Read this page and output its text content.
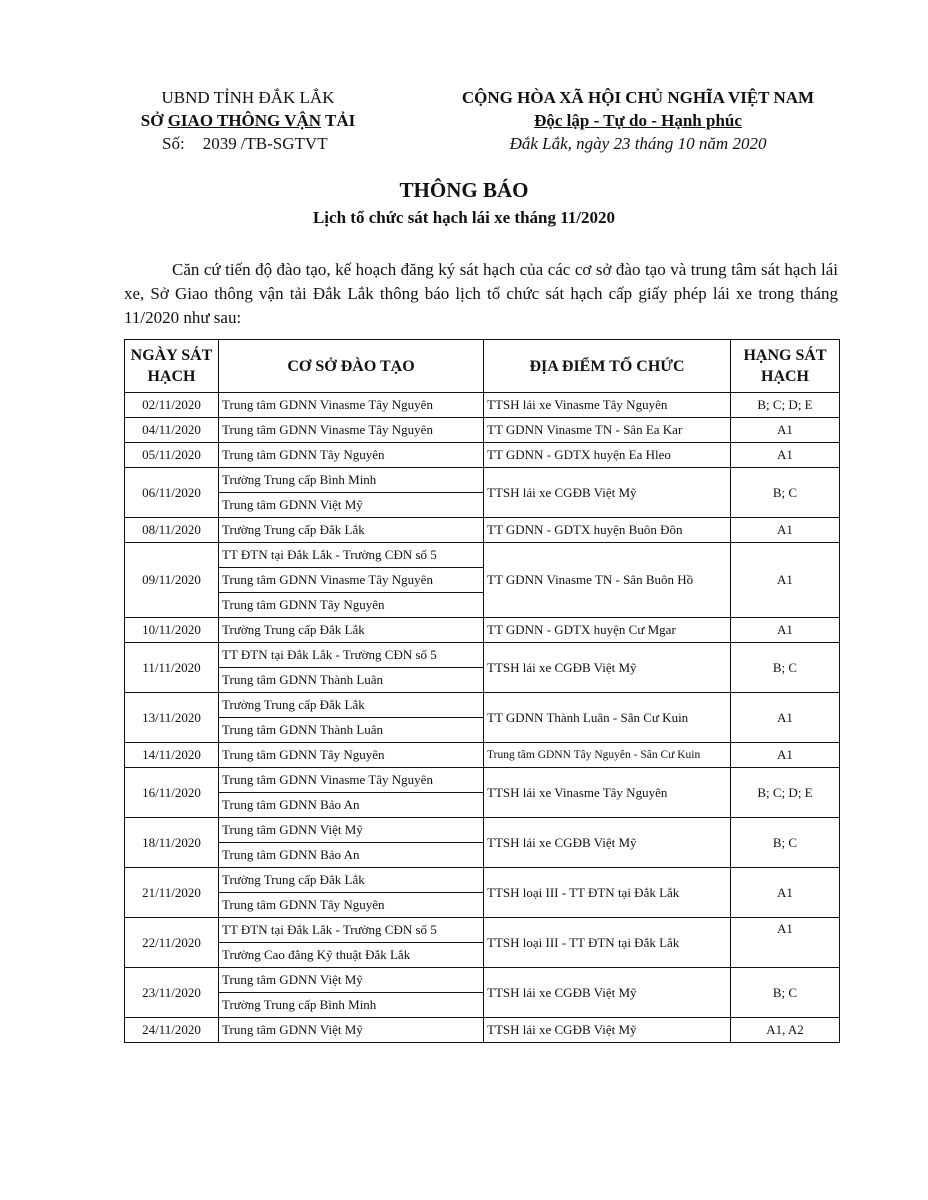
UBND TỈNH ĐẮK LẮK
SỞ GIAO THÔNG VẬN TẢI
Số: 2039 /TB-SGTVT
CỘNG HÒA XÃ HỘI CHỦ NGHĨA VIỆT NAM
Độc lập - Tự do - Hạnh phúc
Đắk Lắk, ngày 23 tháng 10 năm 2020
THÔNG BÁO
Lịch tổ chức sát hạch lái xe tháng 11/2020
Căn cứ tiến độ đào tạo, kế hoạch đăng ký sát hạch của các cơ sở đào tạo và trung tâm sát hạch lái xe, Sở Giao thông vận tải Đắk Lắk thông báo lịch tổ chức sát hạch cấp giấy phép lái xe trong tháng 11/2020 như sau:
NGÀY SÁT HẠCH	CƠ SỞ ĐÀO TẠO	ĐỊA ĐIỂM TỔ CHỨC	HẠNG SÁT HẠCH
02/11/2020	Trung tâm GDNN Vinasme Tây Nguyên	TTSH lái xe Vinasme Tây Nguyên	B; C; D; E
04/11/2020	Trung tâm GDNN Vinasme Tây Nguyên	TT GDNN Vinasme TN - Sân Ea Kar	A1
05/11/2020	Trung tâm GDNN Tây Nguyên	TT GDNN - GDTX huyện Ea Hleo	A1
06/11/2020	Trường Trung cấp Bình Minh	TTSH lái xe CGĐB Việt Mỹ	B; C
	Trung tâm GDNN Việt Mỹ		
08/11/2020	Trường Trung cấp Đắk Lắk	TT GDNN - GDTX huyện Buôn Đôn	A1
09/11/2020	TT ĐTN tại Đắk Lắk - Trường CĐN số 5	TT GDNN Vinasme TN - Sân Buôn Hồ	A1
	Trung tâm GDNN Vinasme Tây Nguyên		
	Trung tâm GDNN Tây Nguyên		
10/11/2020	Trường Trung cấp Đắk Lắk	TT GDNN - GDTX huyện Cư Mgar	A1
11/11/2020	TT ĐTN tại Đắk Lắk - Trường CĐN số 5	TTSH lái xe CGĐB Việt Mỹ	B; C
	Trung tâm GDNN Thành Luân		
13/11/2020	Trường Trung cấp Đắk Lắk	TT GDNN Thành Luân - Sân Cư Kuin	A1
	Trung tâm GDNN Thành Luân		
14/11/2020	Trung tâm GDNN Tây Nguyên	Trung tâm GDNN Tây Nguyên - Sân Cư Kuin	A1
16/11/2020	Trung tâm GDNN Vinasme Tây Nguyên	TTSH lái xe Vinasme Tây Nguyên	B; C; D; E
	Trung tâm GDNN Bảo An		
18/11/2020	Trung tâm GDNN Việt Mỹ	TTSH lái xe CGĐB Việt Mỹ	B; C
	Trung tâm GDNN Bảo An		
21/11/2020	Trường Trung cấp Đắk Lắk	TTSH loại III - TT ĐTN tại Đắk Lắk	A1
	Trung tâm GDNN Tây Nguyên		
22/11/2020	TT ĐTN tại Đắk Lắk - Trường CĐN số 5	TTSH loại III - TT ĐTN tại Đắk Lắk	A1
	Trường Cao đẳng Kỹ thuật Đắk Lắk		
23/11/2020	Trung tâm GDNN Việt Mỹ	TTSH lái xe CGĐB Việt Mỹ	B; C
	Trường Trung cấp Bình Minh		
24/11/2020	Trung tâm GDNN Việt Mỹ	TTSH lái xe CGĐB Việt Mỹ	A1, A2
